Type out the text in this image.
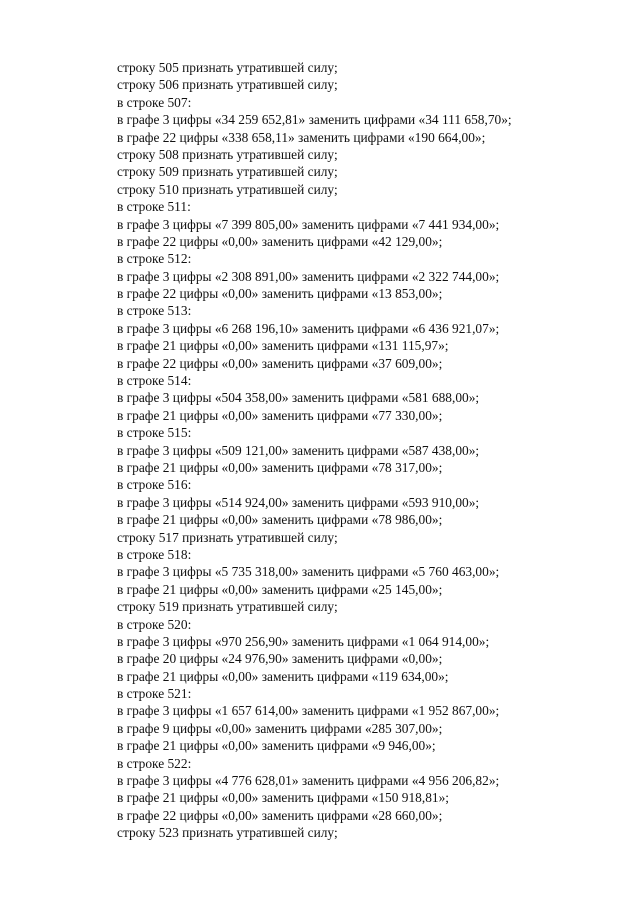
строку 505 признать утратившей силу;
строку 506 признать утратившей силу;
в строке 507:
в графе 3 цифры «34 259 652,81» заменить цифрами «34 111 658,70»;
в графе 22 цифры «338 658,11» заменить цифрами «190 664,00»;
строку 508 признать утратившей силу;
строку 509 признать утратившей силу;
строку 510 признать утратившей силу;
в строке 511:
в графе 3 цифры «7 399 805,00» заменить цифрами «7 441 934,00»;
в графе 22 цифры «0,00» заменить цифрами «42 129,00»;
в строке 512:
в графе 3 цифры «2 308 891,00» заменить цифрами «2 322 744,00»;
в графе 22 цифры «0,00» заменить цифрами «13 853,00»;
в строке 513:
в графе 3 цифры «6 268 196,10» заменить цифрами «6 436 921,07»;
в графе 21 цифры «0,00» заменить цифрами «131 115,97»;
в графе 22 цифры «0,00» заменить цифрами «37 609,00»;
в строке 514:
в графе 3 цифры «504 358,00» заменить цифрами «581 688,00»;
в графе 21 цифры «0,00» заменить цифрами «77 330,00»;
в строке 515:
в графе 3 цифры «509 121,00» заменить цифрами «587 438,00»;
в графе 21 цифры «0,00» заменить цифрами «78 317,00»;
в строке 516:
в графе 3 цифры «514 924,00» заменить цифрами «593 910,00»;
в графе 21 цифры «0,00» заменить цифрами «78 986,00»;
строку 517 признать утратившей силу;
в строке 518:
в графе 3 цифры «5 735 318,00» заменить цифрами «5 760 463,00»;
в графе 21 цифры «0,00» заменить цифрами «25 145,00»;
строку 519 признать утратившей силу;
в строке 520:
в графе 3 цифры «970 256,90» заменить цифрами «1 064 914,00»;
в графе 20 цифры «24 976,90» заменить цифрами «0,00»;
в графе 21 цифры «0,00» заменить цифрами «119 634,00»;
в строке 521:
в графе 3 цифры «1 657 614,00» заменить цифрами «1 952 867,00»;
в графе 9 цифры «0,00» заменить цифрами «285 307,00»;
в графе 21 цифры «0,00» заменить цифрами «9 946,00»;
в строке 522:
в графе 3 цифры «4 776 628,01» заменить цифрами «4 956 206,82»;
в графе 21 цифры «0,00» заменить цифрами «150 918,81»;
в графе 22 цифры «0,00» заменить цифрами «28 660,00»;
строку 523 признать утратившей силу;
